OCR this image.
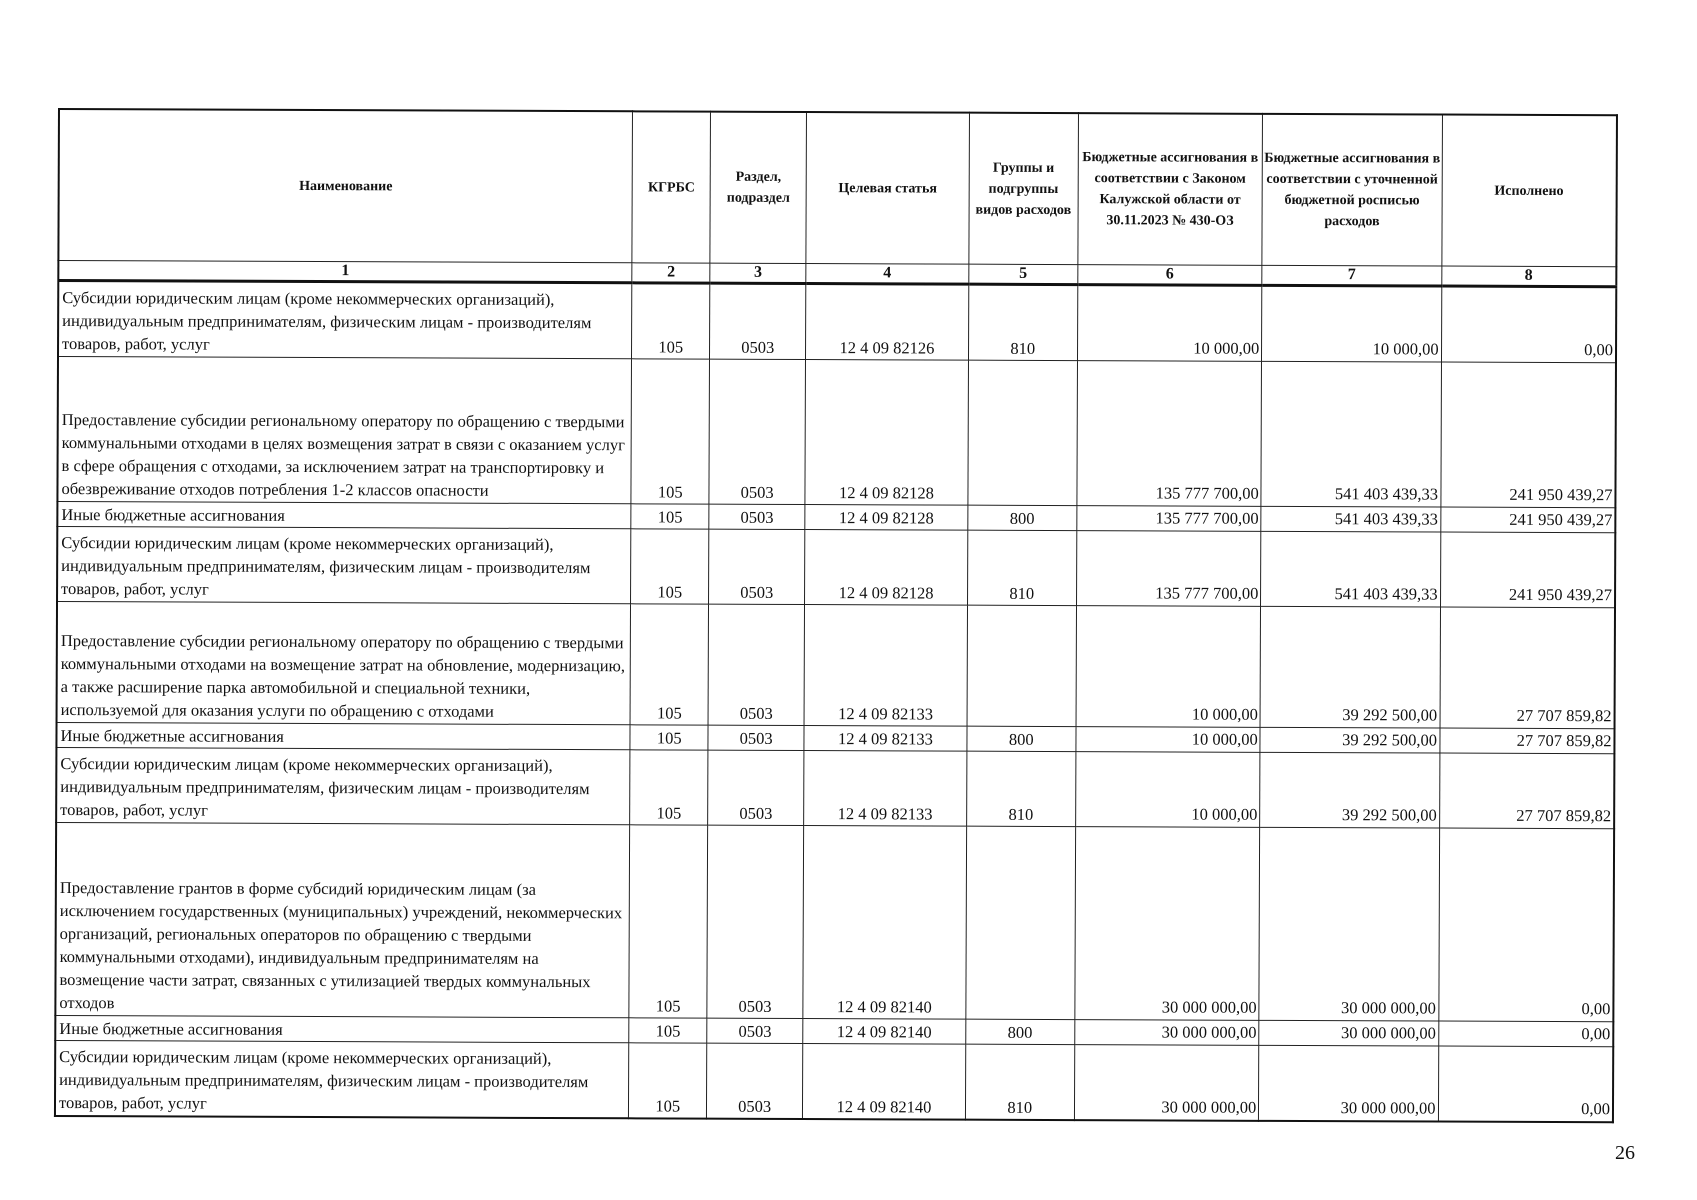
Наименование	КГРБС	Раздел, подраздел	Целевая статья	Группы и подгруппы видов расходов	Бюджетные ассигнования в соответствии с Законом Калужской области от 30.11.2023 № 430-ОЗ	Бюджетные ассигнования в соответствии с уточненной бюджетной росписью расходов	Исполнено
1	2	3	4	5	6	7	8
Субсидии юридическим лицам (кроме некоммерческих организаций), индивидуальным предпринимателям, физическим лицам - производителям товаров, работ, услуг	105	0503	12 4 09 82126	810	10 000,00	10 000,00	0,00
Предоставление субсидии региональному оператору по обращению с твердыми коммунальными отходами в целях возмещения затрат в связи с оказанием услуг в сфере обращения с отходами, за исключением затрат на транспортировку и обезвреживание отходов потребления 1-2 классов опасности	105	0503	12 4 09 82128		135 777 700,00	541 403 439,33	241 950 439,27
Иные бюджетные ассигнования	105	0503	12 4 09 82128	800	135 777 700,00	541 403 439,33	241 950 439,27
Субсидии юридическим лицам (кроме некоммерческих организаций), индивидуальным предпринимателям, физическим лицам - производителям товаров, работ, услуг	105	0503	12 4 09 82128	810	135 777 700,00	541 403 439,33	241 950 439,27
Предоставление субсидии региональному оператору по обращению с твердыми коммунальными отходами на возмещение затрат на обновление, модернизацию, а также расширение парка автомобильной и специальной техники, используемой для оказания услуги по обращению с отходами	105	0503	12 4 09 82133		10 000,00	39 292 500,00	27 707 859,82
Иные бюджетные ассигнования	105	0503	12 4 09 82133	800	10 000,00	39 292 500,00	27 707 859,82
Субсидии юридическим лицам (кроме некоммерческих организаций), индивидуальным предпринимателям, физическим лицам - производителям товаров, работ, услуг	105	0503	12 4 09 82133	810	10 000,00	39 292 500,00	27 707 859,82
Предоставление грантов в форме субсидий юридическим лицам (за исключением государственных (муниципальных) учреждений, некоммерческих организаций, региональных операторов по обращению с твердыми коммунальными отходами), индивидуальным предпринимателям на возмещение части затрат, связанных с утилизацией твердых коммунальных отходов	105	0503	12 4 09 82140		30 000 000,00	30 000 000,00	0,00
Иные бюджетные ассигнования	105	0503	12 4 09 82140	800	30 000 000,00	30 000 000,00	0,00
Субсидии юридическим лицам (кроме некоммерческих организаций), индивидуальным предпринимателям, физическим лицам - производителям товаров, работ, услуг	105	0503	12 4 09 82140	810	30 000 000,00	30 000 000,00	0,00
26
